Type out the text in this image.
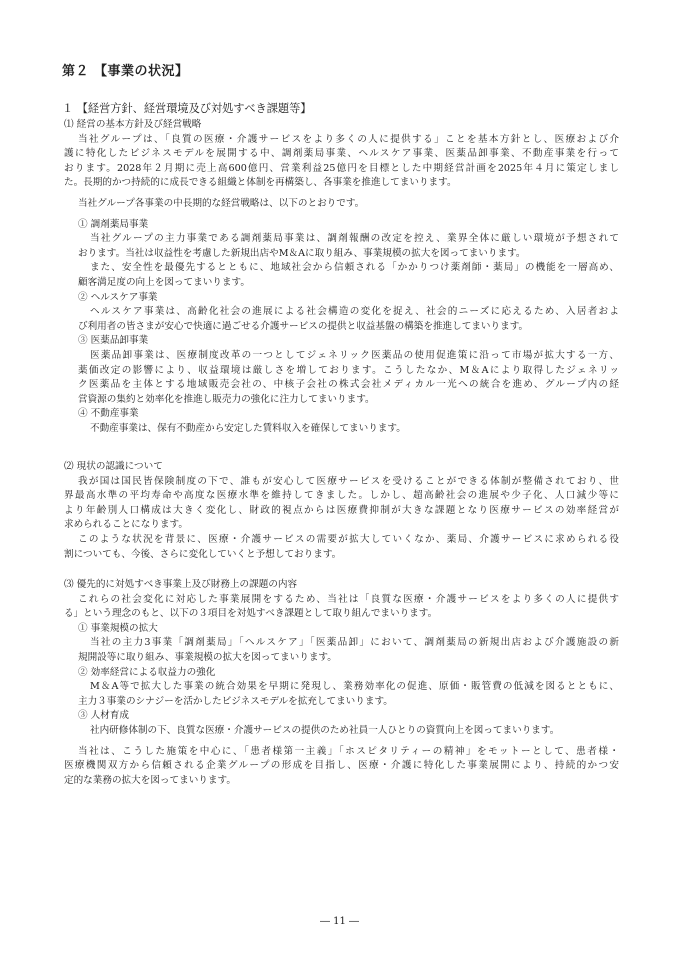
第２ 【事業の状況】
１ 【経営方針、経営環境及び対処すべき課題等】
⑴ 経営の基本方針及び経営戦略
当社グループは、「良質の医療・介護サービスをより多くの人に提供する」ことを基本方針とし、医療および介
護に特化したビジネスモデルを展開する中、調剤薬局事業、ヘルスケア事業、医薬品卸事業、不動産事業を行って
おります。2028年２月期に売上高600億円、営業利益25億円を目標とした中期経営計画を2025年４月に策定しまし
た。長期的かつ持続的に成長できる組織と体制を再構築し、各事業を推進してまいります。
当社グループ各事業の中長期的な経営戦略は、以下のとおりです。
① 調剤薬局事業
当社グループの主力事業である調剤薬局事業は、調剤報酬の改定を控え、業界全体に厳しい環境が予想されて
おります。当社は収益性を考慮した新規出店やM＆Aに取り組み、事業規模の拡大を図ってまいります。
また、安全性を最優先するとともに、地域社会から信頼される「かかりつけ薬剤師・薬局」の機能を一層高め、
顧客満足度の向上を図ってまいります。
② ヘルスケア事業
ヘルスケア事業は、高齢化社会の進展による社会構造の変化を捉え、社会的ニーズに応えるため、入居者およ
び利用者の皆さまが安心で快適に過ごせる介護サービスの提供と収益基盤の構築を推進してまいります。
③ 医薬品卸事業
医薬品卸事業は、医療制度改革の一つとしてジェネリック医薬品の使用促進策に沿って市場が拡大する一方、
薬価改定の影響により、収益環境は厳しさを増しております。こうしたなか、M＆Aにより取得したジェネリッ
ク医薬品を主体とする地域販売会社の、中核子会社の株式会社メディカル一光への統合を進め、グループ内の経
営資源の集約と効率化を推進し販売力の強化に注力してまいります。
④ 不動産事業
不動産事業は、保有不動産から安定した賃料収入を確保してまいります。
⑵ 現状の認識について
我が国は国民皆保険制度の下で、誰もが安心して医療サービスを受けることができる体制が整備されており、世
界最高水準の平均寿命や高度な医療水準を維持してきました。しかし、超高齢社会の進展や少子化、人口減少等に
より年齢別人口構成は大きく変化し、財政的視点からは医療費抑制が大きな課題となり医療サービスの効率経営が
求められることになります。
このような状況を背景に、医療・介護サービスの需要が拡大していくなか、薬局、介護サービスに求められる役
割についても、今後、さらに変化していくと予想しております。
⑶ 優先的に対処すべき事業上及び財務上の課題の内容
これらの社会変化に対応した事業展開をするため、当社は「良質な医療・介護サービスをより多くの人に提供す
る」という理念のもと、以下の３項目を対処すべき課題として取り組んでまいります。
① 事業規模の拡大
当社の主力3事業「調剤薬局」「ヘルスケア」「医薬品卸」において、調剤薬局の新規出店および介護施設の新
規開設等に取り組み、事業規模の拡大を図ってまいります。
② 効率経営による収益力の強化
M＆A等で拡大した事業の統合効果を早期に発現し、業務効率化の促進、原価・販管費の低減を図るとともに、
主力３事業のシナジーを活かしたビジネスモデルを拡充してまいります。
③ 人材育成
社内研修体制の下、良質な医療・介護サービスの提供のため社員一人ひとりの資質向上を図ってまいります。
当社は、こうした施策を中心に、「患者様第一主義」「ホスピタリティーの精神」をモットーとして、患者様・
医療機関双方から信頼される企業グループの形成を目指し、医療・介護に特化した事業展開により、持続的かつ安
定的な業務の拡大を図ってまいります。
― 11 ―
